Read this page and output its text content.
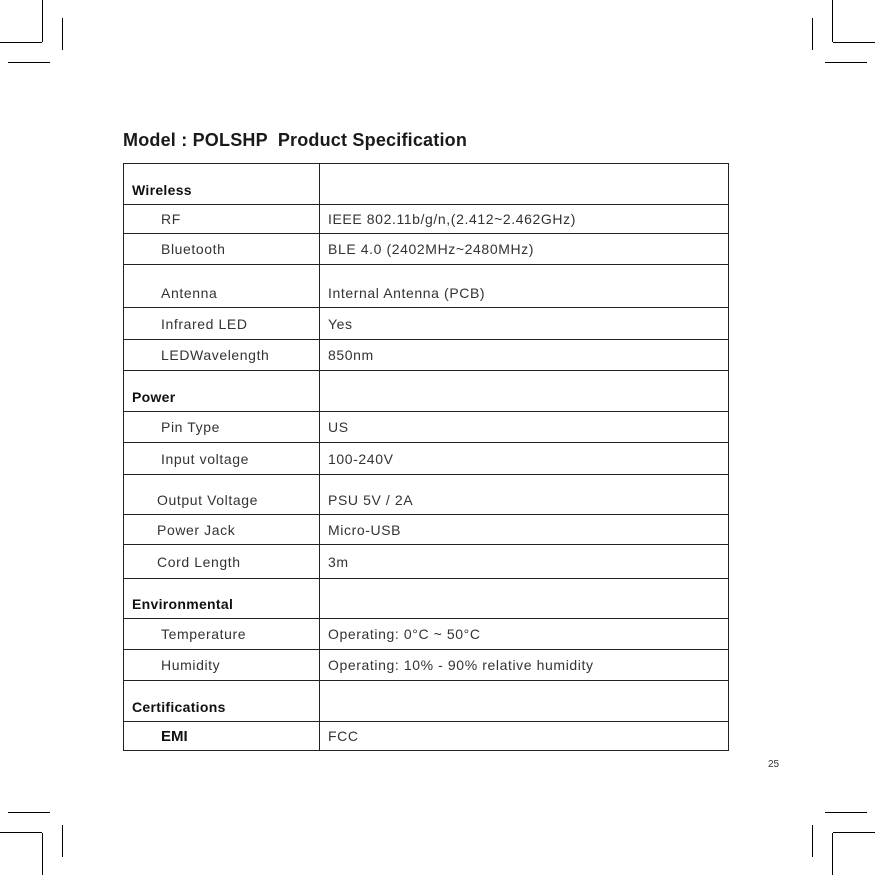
Model : POLSHP Product Specification
Wireless	
RF	IEEE 802.11b/g/n,(2.412~2.462GHz)
Bluetooth	BLE 4.0 (2402MHz~2480MHz)
Antenna	Internal Antenna (PCB)
Infrared LED	Yes
LEDWavelength	850nm
Power	
Pin Type	US
Input voltage	100-240V
Output Voltage	PSU 5V / 2A
Power Jack	Micro-USB
Cord Length	3m
Environmental	
Temperature	Operating: 0°C ~ 50°C
Humidity	Operating: 10% - 90% relative humidity
Certifications	
EMI	FCC
25
